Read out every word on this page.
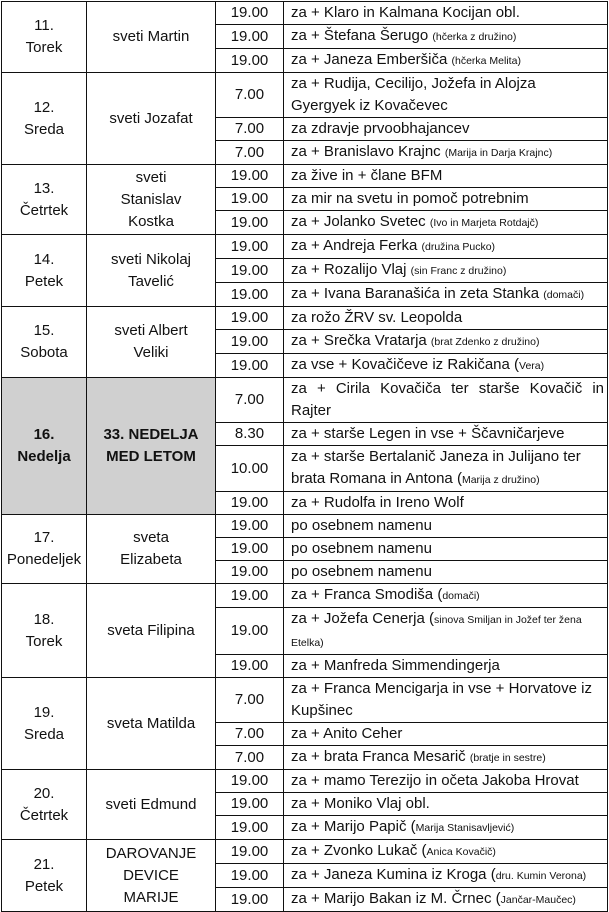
11.
Torek	sveti Martin	19.00	za + Klaro in Kalmana Kocijan obl.
		19.00	za + Štefana Šerugo (hčerka z družino)
		19.00	za + Janeza Emberšiča (hčerka Melita)

12.
Sreda	sveti Jozafat	7.00	za + Rudija, Cecilijo, Jožefa in Alojza Gyergyek iz Kovačevec
		7.00	za zdravje prvoobhajancev
		7.00	za + Branislavo Krajnc (Marija in Darja Krajnc)

13.
Četrtek	sveti
Stanislav
Kostka	19.00	za žive in + člane BFM
		19.00	za mir na svetu in pomoč potrebnim
		19.00	za + Jolanko Svetec (Ivo in Marjeta Rotdajč)

14.
Petek	sveti Nikolaj
Tavelić	19.00	za + Andreja Ferka (družina Pucko)
		19.00	za + Rozalijo Vlaj (sin Franc z družino)
		19.00	za + Ivana Baranašića in zeta Stanka (domači)

15.
Sobota	sveti Albert
Veliki	19.00	za rožo ŽRV sv. Leopolda
		19.00	za + Srečka Vratarja (brat Zdenko z družino)
		19.00	za vse + Kovačičeve iz Rakičana (Vera)

16.
Nedelja	33. NEDELJA
MED LETOM	7.00	za + Cirila Kovačiča ter starše Kovačič in Rajter
		8.30	za + starše Legen in vse + Ščavničarjeve
		10.00	za + starše Bertalanič Janeza in Julijano ter brata Romana in Antona (Marija z družino)
		19.00	za + Rudolfa in Ireno Wolf

17.
Ponedeljek	sveta
Elizabeta	19.00	po osebnem namenu
		19.00	po osebnem namenu
		19.00	po osebnem namenu

18.
Torek	sveta Filipina	19.00	za + Franca Smodiša (domači)
		19.00	za + Jožefa Cenerja (sinova Smiljan in Jožef ter žena Etelka)
		19.00	za + Manfreda Simmendingerja

19.
Sreda	sveta Matilda	7.00	za + Franca Mencigarja in vse + Horvatove iz Kupšinec
		7.00	za + Anito Ceher
		7.00	za + brata Franca Mesarič (bratje in sestre)

20.
Četrtek	sveti Edmund	19.00	za + mamo Terezijo in očeta Jakoba Hrovat
		19.00	za + Moniko Vlaj obl.
		19.00	za + Marijo Papič (Marija Stanisavljević)

21.
Petek	DAROVANJE
DEVICE
MARIJE	19.00	za + Zvonko Lukač (Anica Kovačič)
		19.00	za + Janeza Kumina iz Kroga (dru. Kumin Verona)
		19.00	za + Marijo Bakan iz M. Črnec (Jančar-Maučec)
